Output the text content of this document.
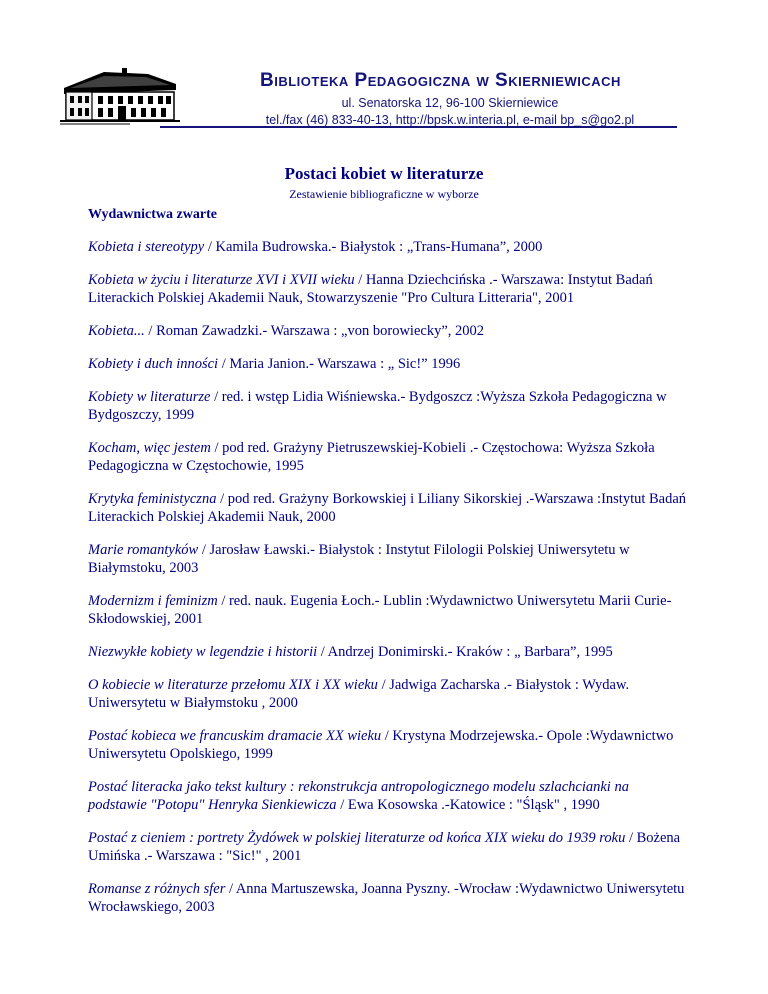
Biblioteka Pedagogiczna w Skierniewicach
ul. Senatorska 12, 96-100 Skierniewice
tel./fax (46) 833-40-13, http://bpsk.w.interia.pl, e-mail bp_s@go2.pl
Postaci kobiet w literaturze
Zestawienie bibliograficzne w wyborze
Wydawnictwa zwarte
Kobieta i stereotypy / Kamila Budrowska.- Białystok : „Trans-Humana”, 2000
Kobieta w życiu i literaturze XVI i XVII wieku / Hanna Dziechcińska .- Warszawa: Instytut Badań Literackich Polskiej Akademii Nauk, Stowarzyszenie "Pro Cultura Litteraria", 2001
Kobieta... / Roman Zawadzki.- Warszawa : „von borowiecky”, 2002
Kobiety i duch inności / Maria Janion.- Warszawa : „ Sic!” 1996
Kobiety w literaturze / red. i wstęp Lidia Wiśniewska.- Bydgoszcz :Wyższa Szkoła Pedagogiczna w Bydgoszczy, 1999
Kocham, więc jestem / pod red. Grażyny Pietruszewskiej-Kobieli .- Częstochowa: Wyższa Szkoła Pedagogiczna w Częstochowie, 1995
Krytyka feministyczna / pod red. Grażyny Borkowskiej i Liliany Sikorskiej .-Warszawa :Instytut Badań Literackich Polskiej Akademii Nauk, 2000
Marie romantyków / Jarosław Ławski.- Białystok : Instytut Filologii Polskiej Uniwersytetu w Białymstoku, 2003
Modernizm i feminizm / red. nauk. Eugenia Łoch.- Lublin :Wydawnictwo Uniwersytetu Marii Curie-Skłodowskiej, 2001
Niezwykłe kobiety w legendzie i historii / Andrzej Donimirski.- Kraków : „ Barbara”, 1995
O kobiecie w literaturze przełomu XIX i XX wieku / Jadwiga Zacharska .- Białystok : Wydaw. Uniwersytetu w Białymstoku , 2000
Postać kobieca we francuskim dramacie XX wieku / Krystyna Modrzejewska.- Opole :Wydawnictwo Uniwersytetu Opolskiego, 1999
Postać literacka jako tekst kultury : rekonstrukcja antropologicznego modelu szlachcianki na podstawie "Potopu" Henryka Sienkiewicza / Ewa Kosowska .-Katowice : "Śląsk" , 1990
Postać z cieniem : portrety Żydówek w polskiej literaturze od końca XIX wieku do 1939 roku / Bożena Umińska .- Warszawa : "Sic!" , 2001
Romanse z różnych sfer / Anna Martuszewska, Joanna Pyszny. -Wrocław :Wydawnictwo Uniwersytetu Wrocławskiego, 2003
